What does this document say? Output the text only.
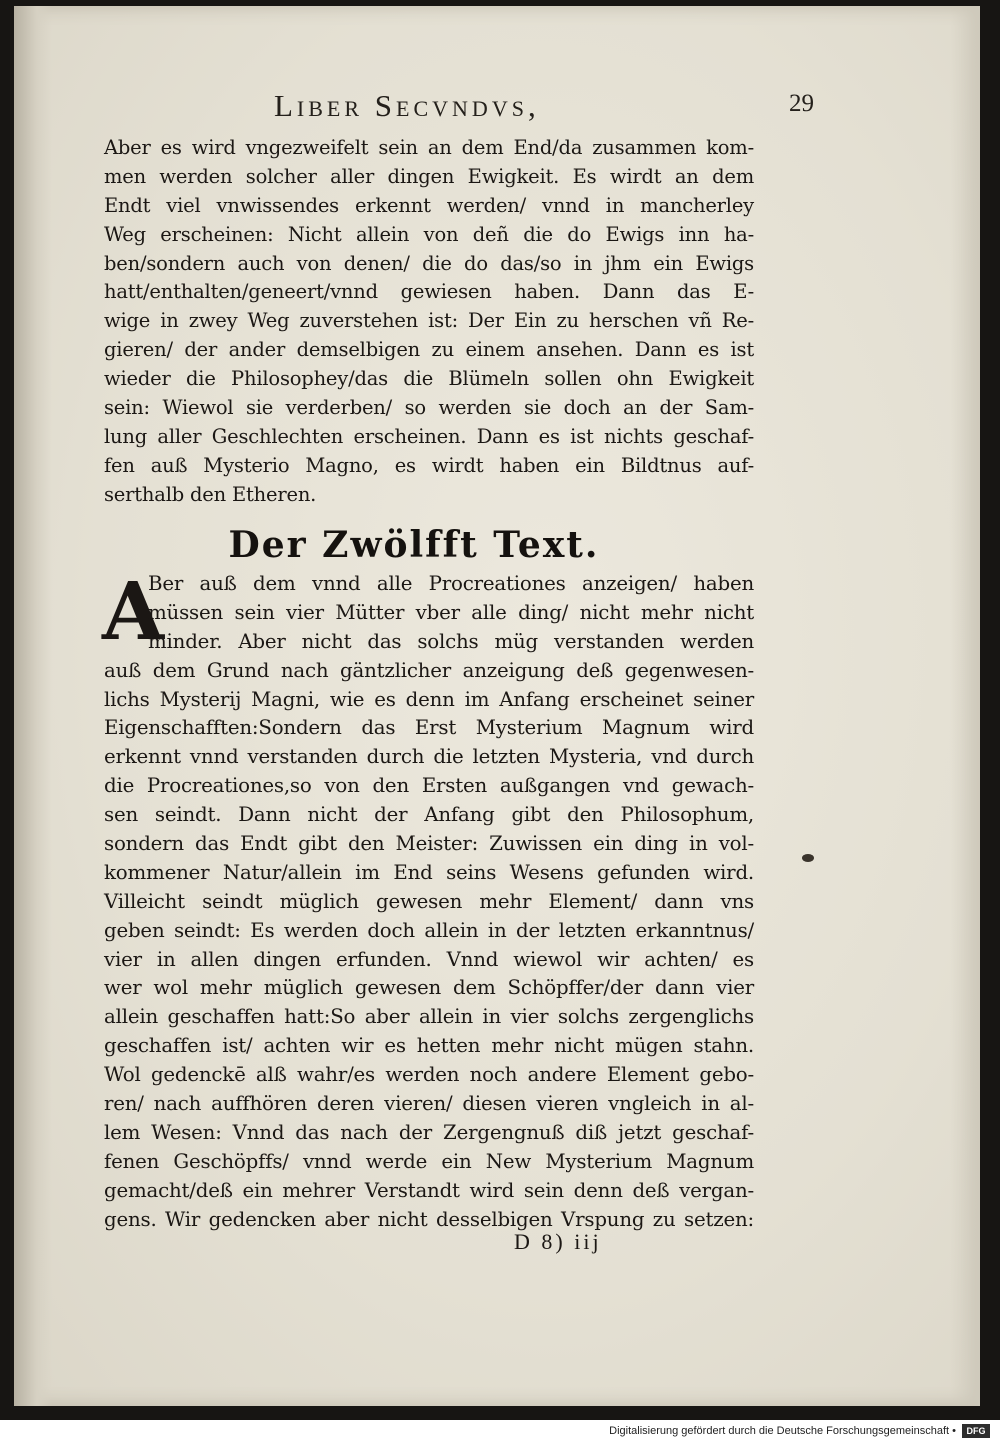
Liber Secvndvs,	29
Aber es wird vngezweifelt sein an dem End/da zusammen kom-
men werden solcher aller dingen Ewigkeit. Es wirdt an dem
Endt viel vnwissendes erkennt werden/ vnnd in mancherley
Weg erscheinen: Nicht allein von deñ die do Ewigs inn ha-
ben/sondern auch von denen/ die do das/so in jhm ein Ewigs
hatt/enthalten/geneert/vnnd gewiesen haben. Dann das E-
wige in zwey Weg zuverstehen ist: Der Ein zu herschen vñ Re-
gieren/ der ander demselbigen zu einem ansehen. Dann es ist
wieder die Philosophey/das die Blümeln sollen ohn Ewigkeit
sein: Wiewol sie verderben/ so werden sie doch an der Sam-
lung aller Geschlechten erscheinen. Dann es ist nichts geschaf-
fen auß Mysterio Magno, es wirdt haben ein Bildtnus auf-
serthalb den Etheren.
Der Zwölfft Text.
A
Ber auß dem vnnd alle Procreationes anzeigen/ haben
müssen sein vier Mütter vber alle ding/ nicht mehr nicht
minder. Aber nicht das solchs müg verstanden werden
auß dem Grund nach gäntzlicher anzeigung deß gegenwesen-
lichs Mysterij Magni, wie es denn im Anfang erscheinet seiner
Eigenschafften:Sondern das Erst Mysterium Magnum wird
erkennt vnnd verstanden durch die letzten Mysteria, vnd durch
die Procreationes,so von den Ersten außgangen vnd gewach-
sen seindt. Dann nicht der Anfang gibt den Philosophum,
sondern das Endt gibt den Meister: Zuwissen ein ding in vol-
kommener Natur/allein im End seins Wesens gefunden wird.
Villeicht seindt müglich gewesen mehr Element/ dann vns
geben seindt: Es werden doch allein in der letzten erkanntnus/
vier in allen dingen erfunden. Vnnd wiewol wir achten/ es
wer wol mehr müglich gewesen dem Schöpffer/der dann vier
allein geschaffen hatt:So aber allein in vier solchs zergenglichs
geschaffen ist/ achten wir es hetten mehr nicht mügen stahn.
Wol gedenckē alß wahr/es werden noch andere Element gebo-
ren/ nach auffhören deren vieren/ diesen vieren vngleich in al-
lem Wesen: Vnnd das nach der Zergengnuß diß jetzt geschaf-
fenen Geschöpffs/ vnnd werde ein New Mysterium Magnum
gemacht/deß ein mehrer Verstandt wird sein denn deß vergan-
gens. Wir gedencken aber nicht desselbigen Vrspung zu setzen:
D 8) iij
Digitalisierung gefördert durch die Deutsche Forschungsgemeinschaft •	DFG
